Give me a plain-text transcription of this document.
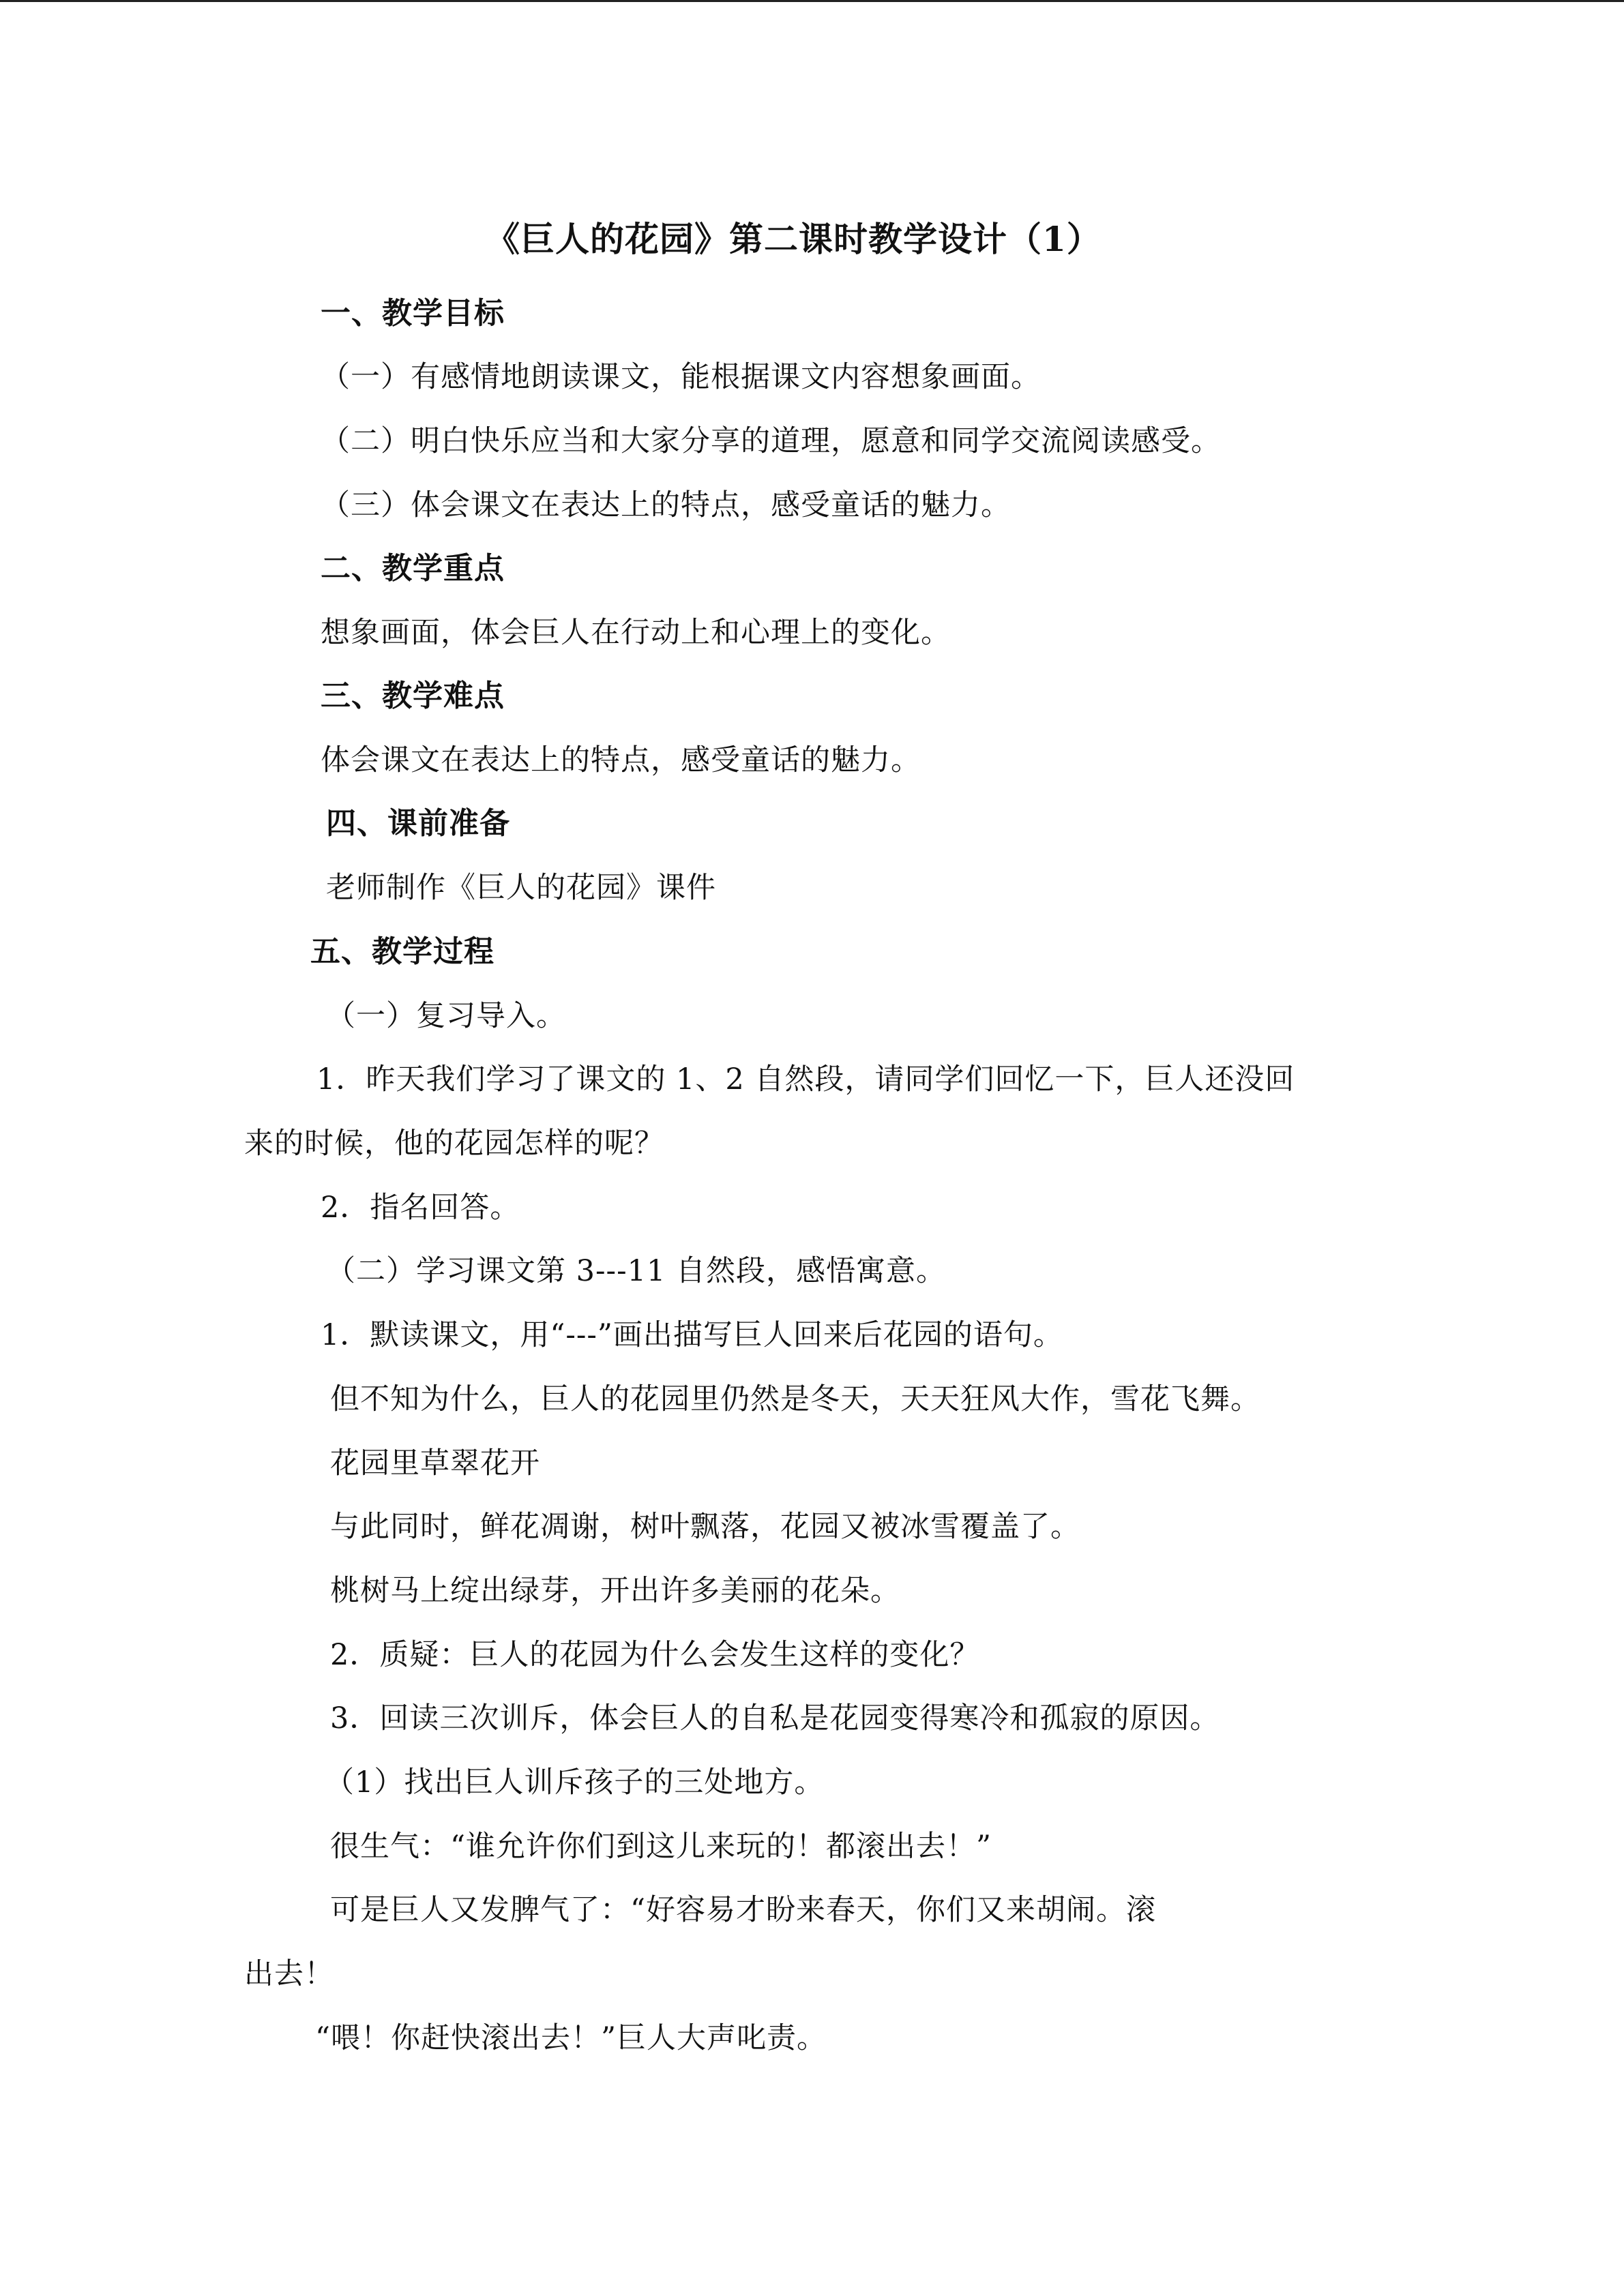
《巨人的花园》第二课时教学设计（1）
一、教学目标
（一）有感情地朗读课文，能根据课文内容想象画面。
（二）明白快乐应当和大家分享的道理，愿意和同学交流阅读感受。
（三）体会课文在表达上的特点，感受童话的魅力。
二、教学重点
想象画面，体会巨人在行动上和心理上的变化。
三、教学难点
体会课文在表达上的特点，感受童话的魅力。
四、课前准备
老师制作《巨人的花园》课件
五、教学过程
（一）复习导入。
1．昨天我们学习了课文的 1、2 自然段，请同学们回忆一下，巨人还没回
来的时候，他的花园怎样的呢？
2．指名回答。
（二）学习课文第 3---11 自然段，感悟寓意。
1．默读课文，用“---”画出描写巨人回来后花园的语句。
但不知为什么，巨人的花园里仍然是冬天，天天狂风大作，雪花飞舞。
花园里草翠花开
与此同时，鲜花凋谢，树叶飘落，花园又被冰雪覆盖了。
桃树马上绽出绿芽，开出许多美丽的花朵。
2．质疑：巨人的花园为什么会发生这样的变化？
3．回读三次训斥，体会巨人的自私是花园变得寒冷和孤寂的原因。
（1）找出巨人训斥孩子的三处地方。
很生气：“谁允许你们到这儿来玩的！都滚出去！”
可是巨人又发脾气了：“好容易才盼来春天，你们又来胡闹。滚
出去！
“喂！你赶快滚出去！”巨人大声叱责。
